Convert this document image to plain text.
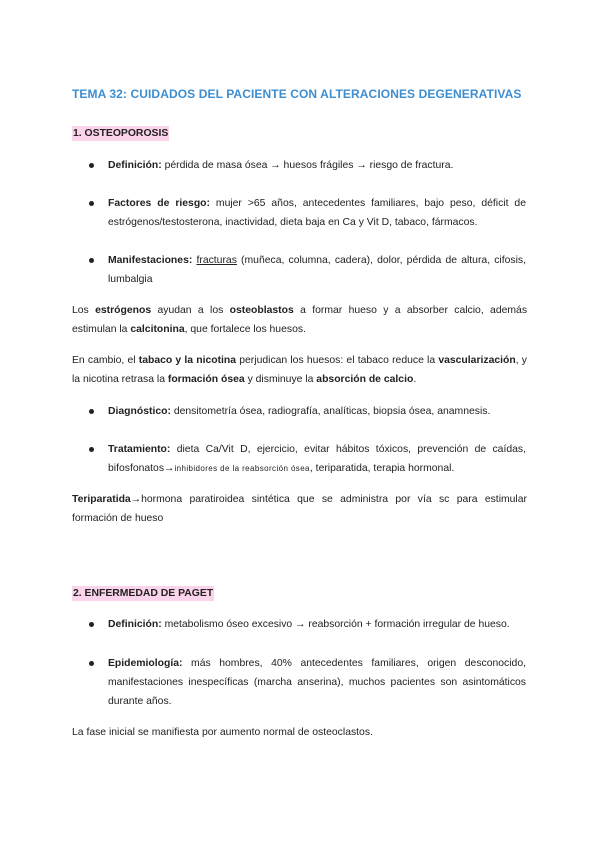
TEMA 32: CUIDADOS DEL PACIENTE CON ALTERACIONES DEGENERATIVAS
1. OSTEOPOROSIS
Definición: pérdida de masa ósea → huesos frágiles → riesgo de fractura.
Factores de riesgo: mujer >65 años, antecedentes familiares, bajo peso, déficit de estrógenos/testosterona, inactividad, dieta baja en Ca y Vit D, tabaco, fármacos.
Manifestaciones: fracturas (muñeca, columna, cadera), dolor, pérdida de altura, cifosis, lumbalgia
Los estrógenos ayudan a los osteoblastos a formar hueso y a absorber calcio, además estimulan la calcitonina, que fortalece los huesos.
En cambio, el tabaco y la nicotina perjudican los huesos: el tabaco reduce la vascularización, y la nicotina retrasa la formación ósea y disminuye la absorción de calcio.
Diagnóstico: densitometría ósea, radiografía, analíticas, biopsia ósea, anamnesis.
Tratamiento: dieta Ca/Vit D, ejercicio, evitar hábitos tóxicos, prevención de caídas, bifosfonatos→inhibidores de la reabsorción ósea, teriparatida, terapia hormonal.
Teriparatida→hormona paratiroidea sintética que se administra por vía sc para estimular formación de hueso
2. ENFERMEDAD DE PAGET
Definición: metabolismo óseo excesivo → reabsorción + formación irregular de hueso.
Epidemiología: más hombres, 40% antecedentes familiares, origen desconocido, manifestaciones inespecíficas (marcha anserina), muchos pacientes son asintomáticos durante años.
La fase inicial se manifiesta por aumento normal de osteoclastos.
